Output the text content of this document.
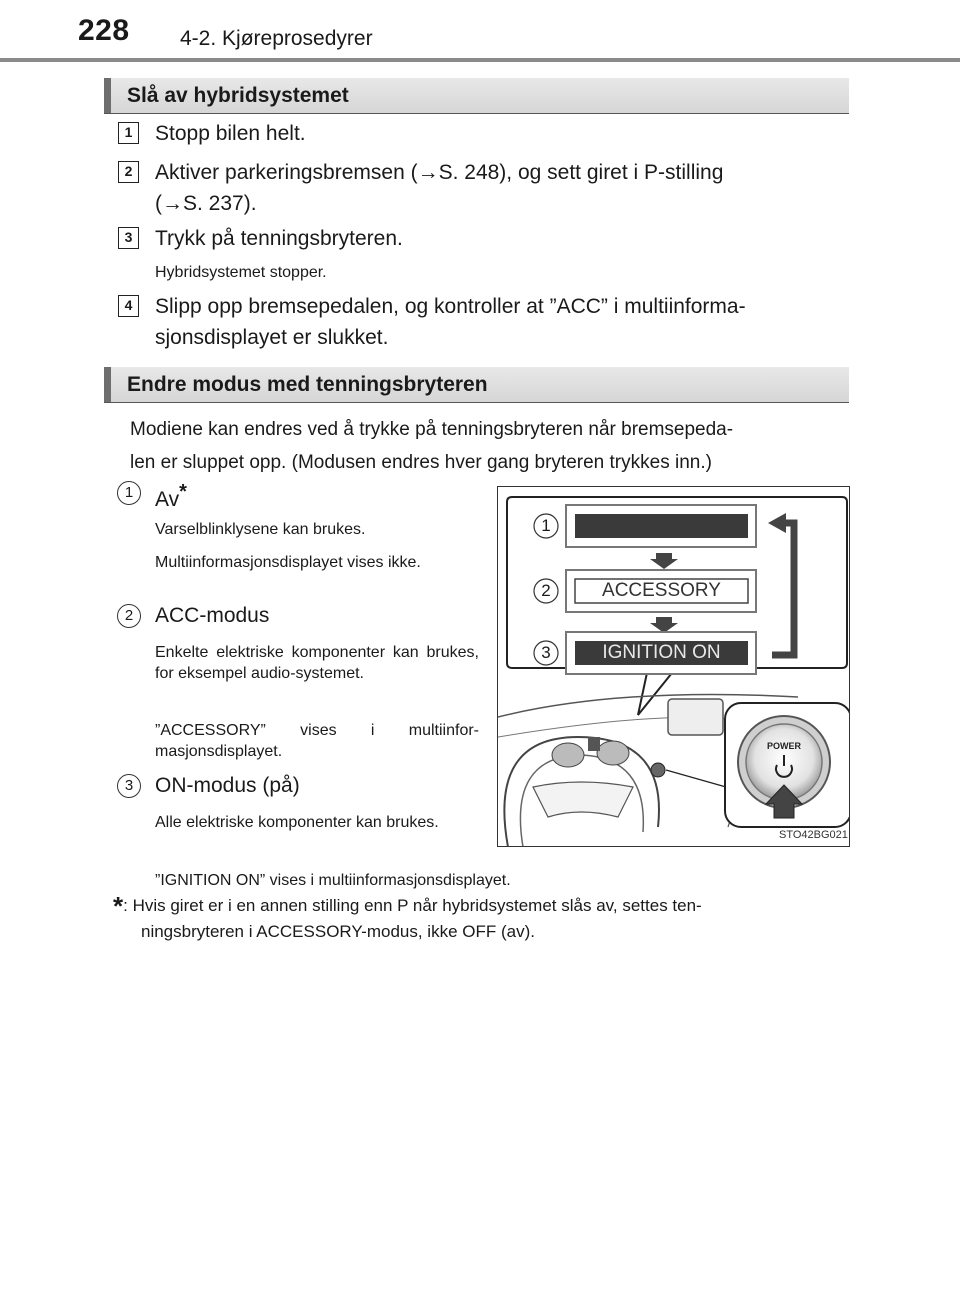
228 4-2. Kjøreprosedyrer
Slå av hybridsystemet
1	Stopp bilen helt.
2	Aktiver parkeringsbremsen (→S. 248), og sett giret i P-stilling
(→S. 237).
3	Trykk på tenningsbryteren.
Hybridsystemet stopper.
4	Slipp opp bremsepedalen, og kontroller at ”ACC” i multiinforma-
sjonsdisplayet er slukket.
Endre modus med tenningsbryteren
Modiene kan endres ved å trykke på tenningsbryteren når bremsepeda-
len er sluppet opp. (Modusen endres hver gang bryteren trykkes inn.)
1	Av*
Varselblinklysene kan brukes.
Multiinformasjonsdisplayet vises ikke.
2	ACC-modus
Enkelte elektriske komponenter kan brukes, for eksempel audio-systemet.
”ACCESSORY” vises i multiinfor-masjonsdisplayet.
3	ON-modus (på)
Alle elektriske komponenter kan brukes.
”IGNITION ON” vises i multiinformasjonsdisplayet.
ACCESSORY
IGNITION ON
1
2
3
POWER
STO42BG021
*: Hvis giret er i en annen stilling enn P når hybridsystemet slås av, settes ten-
ningsbryteren i ACCESSORY-modus, ikke OFF (av).
